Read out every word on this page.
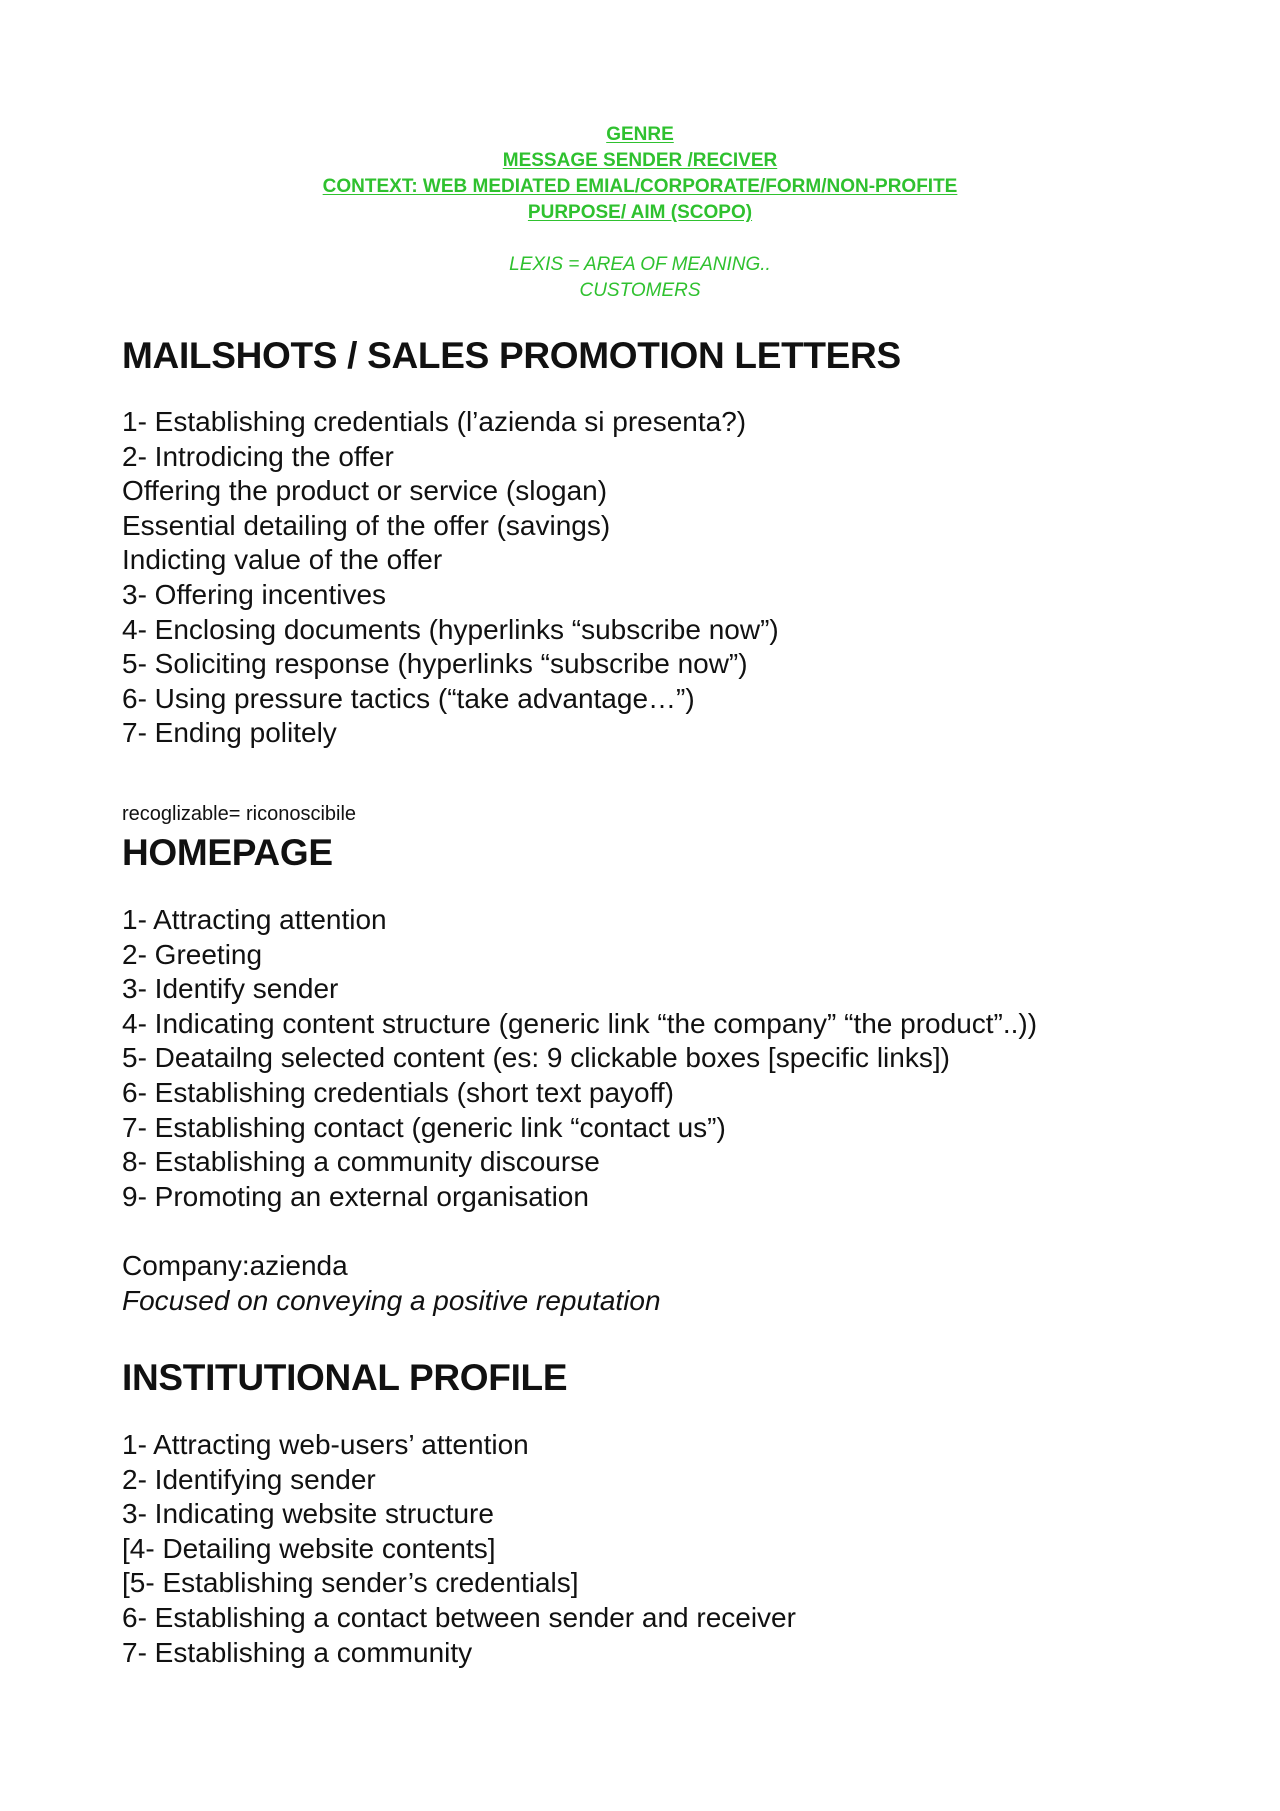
GENRE
MESSAGE SENDER /RECIVER
CONTEXT: WEB MEDIATED EMIAL/CORPORATE/FORM/NON-PROFITE
PURPOSE/ AIM (SCOPO)
LEXIS = AREA OF MEANING..
CUSTOMERS
MAILSHOTS / SALES PROMOTION LETTERS
1- Establishing credentials (l’azienda si presenta?)
2- Introdicing the offer
Offering the product or service (slogan)
Essential detailing of the offer (savings)
Indicting value of the offer
3- Offering incentives
4- Enclosing documents (hyperlinks “subscribe now”)
5- Soliciting response (hyperlinks “subscribe now”)
6- Using pressure tactics (“take advantage…”)
7- Ending politely
recoglizable= riconoscibile
HOMEPAGE
1- Attracting attention
2- Greeting
3- Identify sender
4- Indicating content structure (generic link “the company” “the product”..))
5- Deatailng selected content (es: 9 clickable boxes [specific links])
6- Establishing credentials (short text payoff)
7- Establishing contact (generic link “contact us”)
8- Establishing a community discourse
9- Promoting an external organisation
Company:azienda
Focused on conveying a positive reputation
INSTITUTIONAL PROFILE
1- Attracting web-users’ attention
2- Identifying sender
3- Indicating website structure
[4- Detailing website contents]
[5- Establishing sender’s credentials]
6- Establishing a contact between sender and receiver
7- Establishing a community
